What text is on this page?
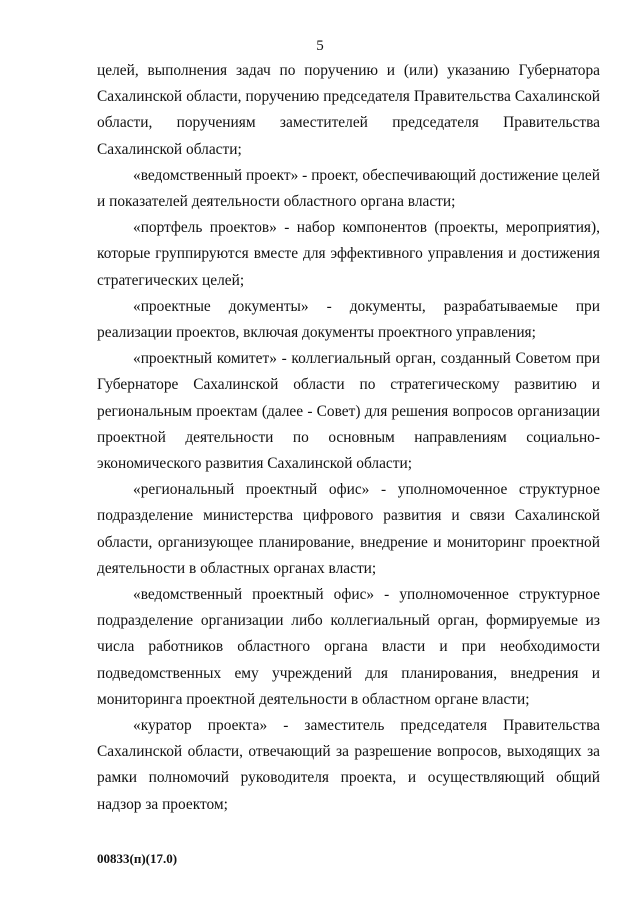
5

целей, выполнения задач по поручению и (или) указанию Губернатора Сахалинской области, поручению председателя Правительства Сахалинской области, поручениям заместителей председателя Правительства Сахалинской области;

«ведомственный проект» - проект, обеспечивающий достижение целей и показателей деятельности областного органа власти;

«портфель проектов» - набор компонентов (проекты, мероприятия), которые группируются вместе для эффективного управления и достижения стратегических целей;

«проектные документы» - документы, разрабатываемые при реализации проектов, включая документы проектного управления;

«проектный комитет» - коллегиальный орган, созданный Советом при Губернаторе Сахалинской области по стратегическому развитию и региональным проектам (далее - Совет) для решения вопросов организации проектной деятельности по основным направлениям социально-экономического развития Сахалинской области;

«региональный проектный офис» - уполномоченное структурное подразделение министерства цифрового развития и связи Сахалинской области, организующее планирование, внедрение и мониторинг проектной деятельности в областных органах власти;

«ведомственный проектный офис» - уполномоченное структурное подразделение организации либо коллегиальный орган, формируемые из числа работников областного органа власти и при необходимости подведомственных ему учреждений для планирования, внедрения и мониторинга проектной деятельности в областном органе власти;

«куратор проекта» - заместитель председателя Правительства Сахалинской области, отвечающий за разрешение вопросов, выходящих за рамки полномочий руководителя проекта, и осуществляющий общий надзор за проектом;

00833(п)(17.0)
